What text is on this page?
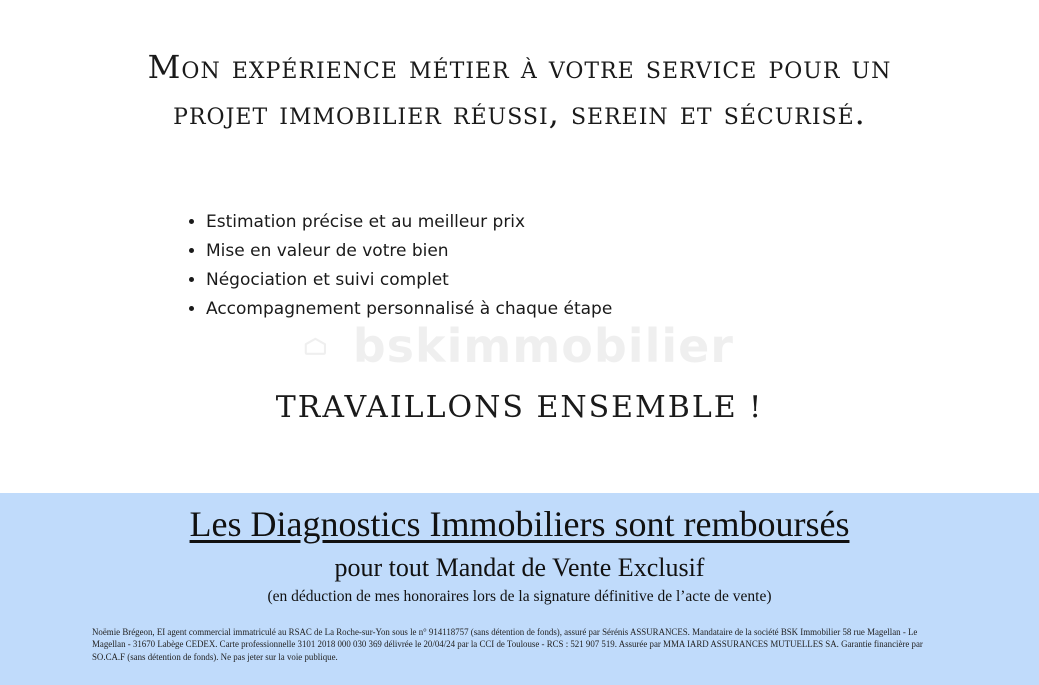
Mon expérience métier à votre service pour un
projet immobilier réussi, serein et sécurisé.
• Estimation précise et au meilleur prix
• Mise en valeur de votre bien
• Négociation et suivi complet
• Accompagnement personnalisé à chaque étape
bskimmobilier
TRAVAILLONS ENSEMBLE !
Les Diagnostics Immobiliers sont remboursés
pour tout Mandat de Vente Exclusif
(en déduction de mes honoraires lors de la signature définitive de l’acte de vente)

Noëmie Brégeon, EI agent commercial immatriculé au RSAC de La Roche-sur-Yon sous le n° 914118757 (sans détention de fonds), assuré par Sérénis ASSURANCES. Mandataire de la société BSK Immobilier 58 rue Magellan - Le Magellan - 31670 Labège CEDEX. Carte professionnelle 3101 2018 000 030 369 délivrée le 20/04/24 par la CCI de Toulouse - RCS : 521 907 519. Assurée par MMA IARD ASSURANCES MUTUELLES SA. Garantie financière par SO.CA.F (sans détention de fonds). Ne pas jeter sur la voie publique.
